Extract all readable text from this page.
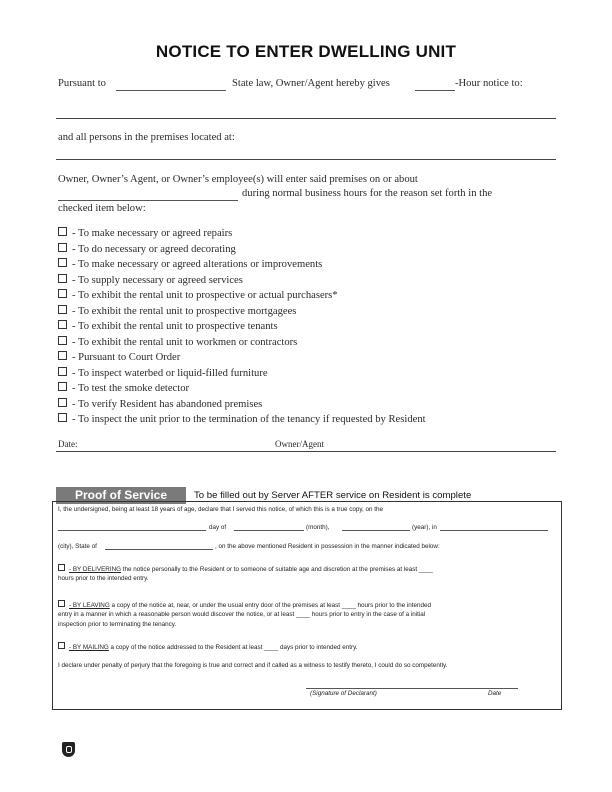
NOTICE TO ENTER DWELLING UNIT
Pursuant to	State law, Owner/Agent hereby gives	-Hour notice to:
and all persons in the premises located at:
Owner, Owner’s Agent, or Owner’s employee(s) will enter said premises on or about
during normal business hours for the reason set forth in the
checked item below:
- To make necessary or agreed repairs
- To do necessary or agreed decorating
- To make necessary or agreed alterations or improvements
- To supply necessary or agreed services
- To exhibit the rental unit to prospective or actual purchasers*
- To exhibit the rental unit to prospective mortgagees
- To exhibit the rental unit to prospective tenants
- To exhibit the rental unit to workmen or contractors
- Pursuant to Court Order
- To inspect waterbed or liquid-filled furniture
- To test the smoke detector
- To verify Resident has abandoned premises
- To inspect the unit prior to the termination of the tenancy if requested by Resident
Date:	Owner/Agent
Proof of Service	To be filled out by Server AFTER service on Resident is complete
I, the undersigned, being at least 18 years of age, declare that I served this notice, of which this is a true copy, on the
day of	(month),	(year), in
(city), State of	, on the above mentioned Resident in possession in the manner indicated below:
- BY DELIVERING the notice personally to the Resident or to someone of suitable age and discretion at the premises at least ____
hours prior to the intended entry.
- BY LEAVING a copy of the notice at, near, or under the usual entry door of the premises at least ____ hours prior to the intended
entry in a manner in which a reasonable person would discover the notice, or at least ____ hours prior to entry in the case of a initial
inspection prior to terminating the tenancy.
- BY MAILING a copy of the notice addressed to the Resident at least ____ days prior to intended entry.
I declare under penalty of perjury that the foregoing is true and correct and if called as a witness to testify thereto, I could do so competently.
(Signature of Declarant)	Date
